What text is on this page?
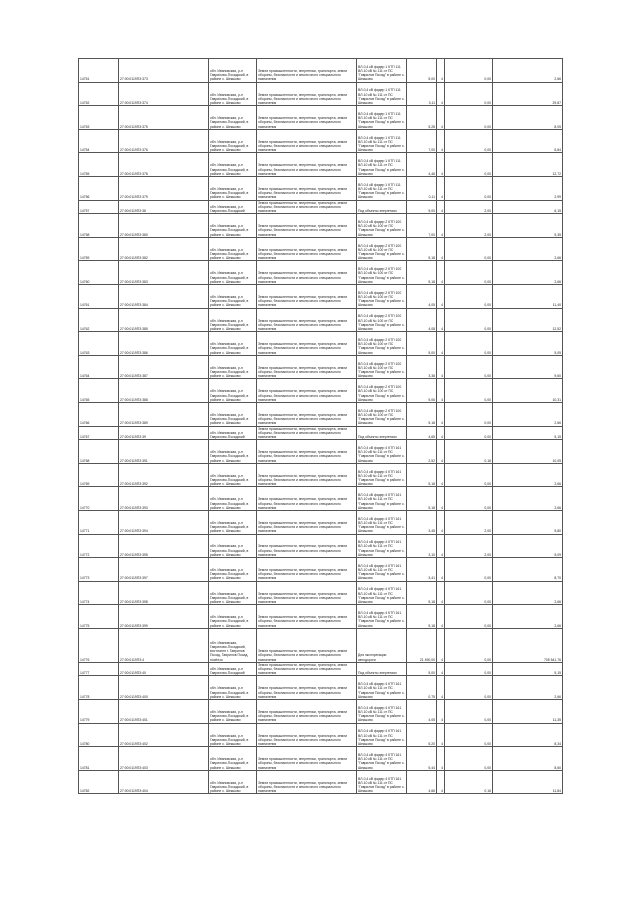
14751	27:00:0119ПЗ:373	обл. Ивановская, р-н Гаврилово-Посадский, в районе с. Шекшово	Земли промышленности, энергетики, транспорта, земли обороны, безопасности и земли иного специального назначения	ВЛ-0,4 кВ фидер 1 КТП 111 ВЛ-10 кВ № 111 от ПС "Гаврилов Посад" в районе с. Шекшово	5,00	4	0,00	2,66
14752	27:00:0119ПЗ:374	обл. Ивановская, р-н Гаврилово-Посадский, в районе с. Шекшово	Земли промышленности, энергетики, транспорта, земли обороны, безопасности и земли иного специального назначения	ВЛ-0,4 кВ фидер 1 КТП 111 ВЛ-10 кВ № 111 от ПС "Гаврилов Посад" в районе с. Шекшово	3,11	4	0,00	29,87
14753	27:00:0119ПЗ:375	обл. Ивановская, р-н Гаврилово-Посадский, в районе с. Шекшово	Земли промышленности, энергетики, транспорта, земли обороны, безопасности и земли иного специального назначения	ВЛ-0,4 кВ фидер 1 КТП 111 ВЛ-10 кВ № 111 от ПС "Гаврилов Посад" в районе с. Шекшово	5,28	4	0,00	8,05
14754	27:00:0119ПЗ:376	обл. Ивановская, р-н Гаврилово-Посадский, в районе с. Шекшово	Земли промышленности, энергетики, транспорта, земли обороны, безопасности и земли иного специального назначения	ВЛ-0,4 кВ фидер 1 КТП 111 ВЛ-10 кВ № 111 от ПС "Гаврилов Посад" в районе с. Шекшово	7,00	4	0,00	6,84
14755	27:00:0119ПЗ:378	обл. Ивановская, р-н Гаврилово-Посадский, в районе с. Шекшово	Земли промышленности, энергетики, транспорта, земли обороны, безопасности и земли иного специального назначения	ВЛ-0,4 кВ фидер 1 КТП 111 ВЛ-10 кВ № 111 от ПС "Гаврилов Посад" в районе с. Шекшово	4,46	4	0,00	12,72
14756	27:00:0119ПЗ:379	обл. Ивановская, р-н Гаврилово-Посадский, в районе с. Шекшово	Земли промышленности, энергетики, транспорта, земли обороны, безопасности и земли иного специального назначения	ВЛ-0,4 кВ фидер 1 КТП 111 ВЛ-10 кВ № 111 от ПС "Гаврилов Посад" в районе с. Шекшово	0,11	4	0,00	2,99
14757	27:00:0119ПЗ:38	обл. Ивановская, р-н Гаврилово-Посадский	Земли промышленности, энергетики, транспорта, земли обороны, безопасности и земли иного специального назначения	Под объекты энергетики	5,00	4	2,00	6,15
14758	27:00:0119ПЗ:380	обл. Ивановская, р-н Гаврилово-Посадский, в районе с. Шекшово	Земли промышленности, энергетики, транспорта, земли обороны, безопасности и земли иного специального назначения	ВЛ-0,4 кВ фидер 2 КТП 100 ВЛ-10 кВ № 100 от ПС "Гаврилов Посад" в районе с. Шекшово	7,00	4	2,00	5,35
14759	27:00:0119ПЗ:382	обл. Ивановская, р-н Гаврилово-Посадский, в районе с. Шекшово	Земли промышленности, энергетики, транспорта, земли обороны, безопасности и земли иного специального назначения	ВЛ-0,4 кВ фидер 2 КТП 100 ВЛ-10 кВ № 100 от ПС "Гаврилов Посад" в районе с. Шекшово	5,18	4	0,00	2,66
14760	27:00:0119ПЗ:383	обл. Ивановская, р-н Гаврилово-Посадский, в районе с. Шекшово	Земли промышленности, энергетики, транспорта, земли обороны, безопасности и земли иного специального назначения	ВЛ-0,4 кВ фидер 2 КТП 100 ВЛ-10 кВ № 100 от ПС "Гаврилов Посад" в районе с. Шекшово	5,18	4	0,00	2,66
14761	27:00:0119ПЗ:384	обл. Ивановская, р-н Гаврилово-Посадский, в районе с. Шекшово	Земли промышленности, энергетики, транспорта, земли обороны, безопасности и земли иного специального назначения	ВЛ-0,4 кВ фидер 2 КТП 100 ВЛ-10 кВ № 100 от ПС "Гаврилов Посад" в районе с. Шекшово	4,05	4	0,00	11,40
14762	27:00:0119ПЗ:385	обл. Ивановская, р-н Гаврилово-Посадский, в районе с. Шекшово	Земли промышленности, энергетики, транспорта, земли обороны, безопасности и земли иного специального назначения	ВЛ-0,4 кВ фидер 2 КТП 100 ВЛ-10 кВ № 100 от ПС "Гаврилов Посад" в районе с. Шекшово	4,08	4	0,00	12,52
14763	27:00:0119ПЗ:386	обл. Ивановская, р-н Гаврилово-Посадский, в районе с. Шекшово	Земли промышленности, энергетики, транспорта, земли обороны, безопасности и земли иного специального назначения	ВЛ-0,4 кВ фидер 2 КТП 100 ВЛ-10 кВ № 100 от ПС "Гаврилов Посад" в районе с. Шекшово	5,00	4	0,00	5,05
14764	27:00:0119ПЗ:387	обл. Ивановская, р-н Гаврилово-Посадский, в районе с. Шекшово	Земли промышленности, энергетики, транспорта, земли обороны, безопасности и земли иного специального назначения	ВЛ-0,4 кВ фидер 2 КТП 100 ВЛ-10 кВ № 100 от ПС "Гаврилов Посад" в районе с. Шекшово	3,38	4	0,00	9,60
14765	27:00:0119ПЗ:388	обл. Ивановская, р-н Гаврилово-Посадский, в районе с. Шекшово	Земли промышленности, энергетики, транспорта, земли обороны, безопасности и земли иного специального назначения	ВЛ-0,4 кВ фидер 2 КТП 100 ВЛ-10 кВ № 100 от ПС "Гаврилов Посад" в районе с. Шекшово	5,06	4	0,00	10,31
14766	27:00:0119ПЗ:389	обл. Ивановская, р-н Гаврилово-Посадский, в районе с. Шекшово	Земли промышленности, энергетики, транспорта, земли обороны, безопасности и земли иного специального назначения	ВЛ-0,4 кВ фидер 2 КТП 100 ВЛ-10 кВ № 100 от ПС "Гаврилов Посад" в районе с. Шекшово	5,18	4	0,00	2,66
14767	27:00:0119ПЗ:39	обл. Ивановская, р-н Гаврилово-Посадский	Земли промышленности, энергетики, транспорта, земли обороны, безопасности и земли иного специального назначения	Под объекты энергетики	4,65	4	0,00	5,15
14768	27:00:0119ПЗ:391	обл. Ивановская, р-н Гаврилово-Посадский, в районе с. Шекшово	Земли промышленности, энергетики, транспорта, земли обороны, безопасности и земли иного специального назначения	ВЛ-0,4 кВ фидер 4 КТП 161 ВЛ-10 кВ № 111 от ПС "Гаврилов Посад" в районе с. Шекшово	2,52	4	0,16	10,05
14769	27:00:0119ПЗ:392	обл. Ивановская, р-н Гаврилово-Посадский, в районе с. Шекшово	Земли промышленности, энергетики, транспорта, земли обороны, безопасности и земли иного специального назначения	ВЛ-0,4 кВ фидер 4 КТП 161 ВЛ-10 кВ № 111 от ПС "Гаврилов Посад" в районе с. Шекшово	5,18	4	0,00	2,66
14770	27:00:0119ПЗ:393	обл. Ивановская, р-н Гаврилово-Посадский, в районе с. Шекшово	Земли промышленности, энергетики, транспорта, земли обороны, безопасности и земли иного специального назначения	ВЛ-0,4 кВ фидер 4 КТП 161 ВЛ-10 кВ № 111 от ПС "Гаврилов Посад" в районе с. Шекшово	5,18	4	0,00	2,66
14771	27:00:0119ПЗ:394	обл. Ивановская, р-н Гаврилово-Посадский, в районе с. Шекшово	Земли промышленности, энергетики, транспорта, земли обороны, безопасности и земли иного специального назначения	ВЛ-0,4 кВ фидер 4 КТП 161 ВЛ-10 кВ № 111 от ПС "Гаврилов Посад" в районе с. Шекшово	3,45	4	2,00	5,80
14772	27:00:0119ПЗ:395	обл. Ивановская, р-н Гаврилово-Посадский, в районе с. Шекшово	Земли промышленности, энергетики, транспорта, земли обороны, безопасности и земли иного специального назначения	ВЛ-0,4 кВ фидер 4 КТП 161 ВЛ-10 кВ № 111 от ПС "Гаврилов Посад" в районе с. Шекшово	3,10	4	2,00	5,09
14773	27:00:0119ПЗ:397	обл. Ивановская, р-н Гаврилово-Посадский, в районе с. Шекшово	Земли промышленности, энергетики, транспорта, земли обороны, безопасности и земли иного специального назначения	ВЛ-0,4 кВ фидер 4 КТП 161 ВЛ-10 кВ № 111 от ПС "Гаврилов Посад" в районе с. Шекшово	3,41	4	0,00	8,70
14774	27:00:0119ПЗ:398	обл. Ивановская, р-н Гаврилово-Посадский, в районе с. Шекшово	Земли промышленности, энергетики, транспорта, земли обороны, безопасности и земли иного специального назначения	ВЛ-0,4 кВ фидер 4 КТП 161 ВЛ-10 кВ № 111 от ПС "Гаврилов Посад" в районе с. Шекшово	5,18	4	0,00	2,66
14775	27:00:0119ПЗ:399	обл. Ивановская, р-н Гаврилово-Посадский, в районе с. Шекшово	Земли промышленности, энергетики, транспорта, земли обороны, безопасности и земли иного специального назначения	ВЛ-0,4 кВ фидер 4 КТП 161 ВЛ-10 кВ № 111 от ПС "Гаврилов Посад" в районе с. Шекшово	5,18	4	0,00	2,66
14776	27:00:0119ПЗ:4	обл. Ивановская, Гаврилово-Посадский, восточнее г. Гаврилов Посад, Гаврилов Посад, посёлок	Земли промышленности, энергетики, транспорта, земли обороны, безопасности и земли иного специального назначения	Для эксплуатации автодороги	21 490,00	4	0,00	705 541,76
14777	27:00:0119ПЗ:40	обл. Ивановская, р-н Гаврилово-Посадский	Земли промышленности, энергетики, транспорта, земли обороны, безопасности и земли иного специального назначения	Под объекты энергетики	5,00	4	0,00	5,15
14778	27:00:0119ПЗ:400	обл. Ивановская, р-н Гаврилово-Посадский, в районе с. Шекшово	Земли промышленности, энергетики, транспорта, земли обороны, безопасности и земли иного специального назначения	ВЛ-0,4 кВ фидер 4 КТП 161 ВЛ-10 кВ № 111 от ПС "Гаврилов Посад" в районе с. Шекшово	0,75	4	0,00	2,66
14779	27:00:0119ПЗ:401	обл. Ивановская, р-н Гаврилово-Посадский, в районе с. Шекшово	Земли промышленности, энергетики, транспорта, земли обороны, безопасности и земли иного специального назначения	ВЛ-0,4 кВ фидер 4 КТП 161 ВЛ-10 кВ № 111 от ПС "Гаврилов Посад" в районе с. Шекшово	4,05	4	0,00	11,35
14780	27:00:0119ПЗ:402	обл. Ивановская, р-н Гаврилово-Посадский, в районе с. Шекшово	Земли промышленности, энергетики, транспорта, земли обороны, безопасности и земли иного специального назначения	ВЛ-0,4 кВ фидер 4 КТП 161 ВЛ-10 кВ № 111 от ПС "Гаврилов Посад" в районе с. Шекшово	5,20	4	0,00	8,34
14781	27:00:0119ПЗ:403	обл. Ивановская, р-н Гаврилово-Посадский, в районе с. Шекшово	Земли промышленности, энергетики, транспорта, земли обороны, безопасности и земли иного специального назначения	ВЛ-0,4 кВ фидер 4 КТП 161 ВЛ-10 кВ № 111 от ПС "Гаврилов Посад" в районе с. Шекшово	5,44	4	0,00	8,60
14782	27:00:0119ПЗ:404	обл. Ивановская, р-н Гаврилово-Посадский, в районе с. Шекшово	Земли промышленности, энергетики, транспорта, земли обороны, безопасности и земли иного специального назначения	ВЛ-0,4 кВ фидер 4 КТП 161 ВЛ-10 кВ № 111 от ПС "Гаврилов Посад" в районе с. Шекшово	4,66	4	0,16	11,84
